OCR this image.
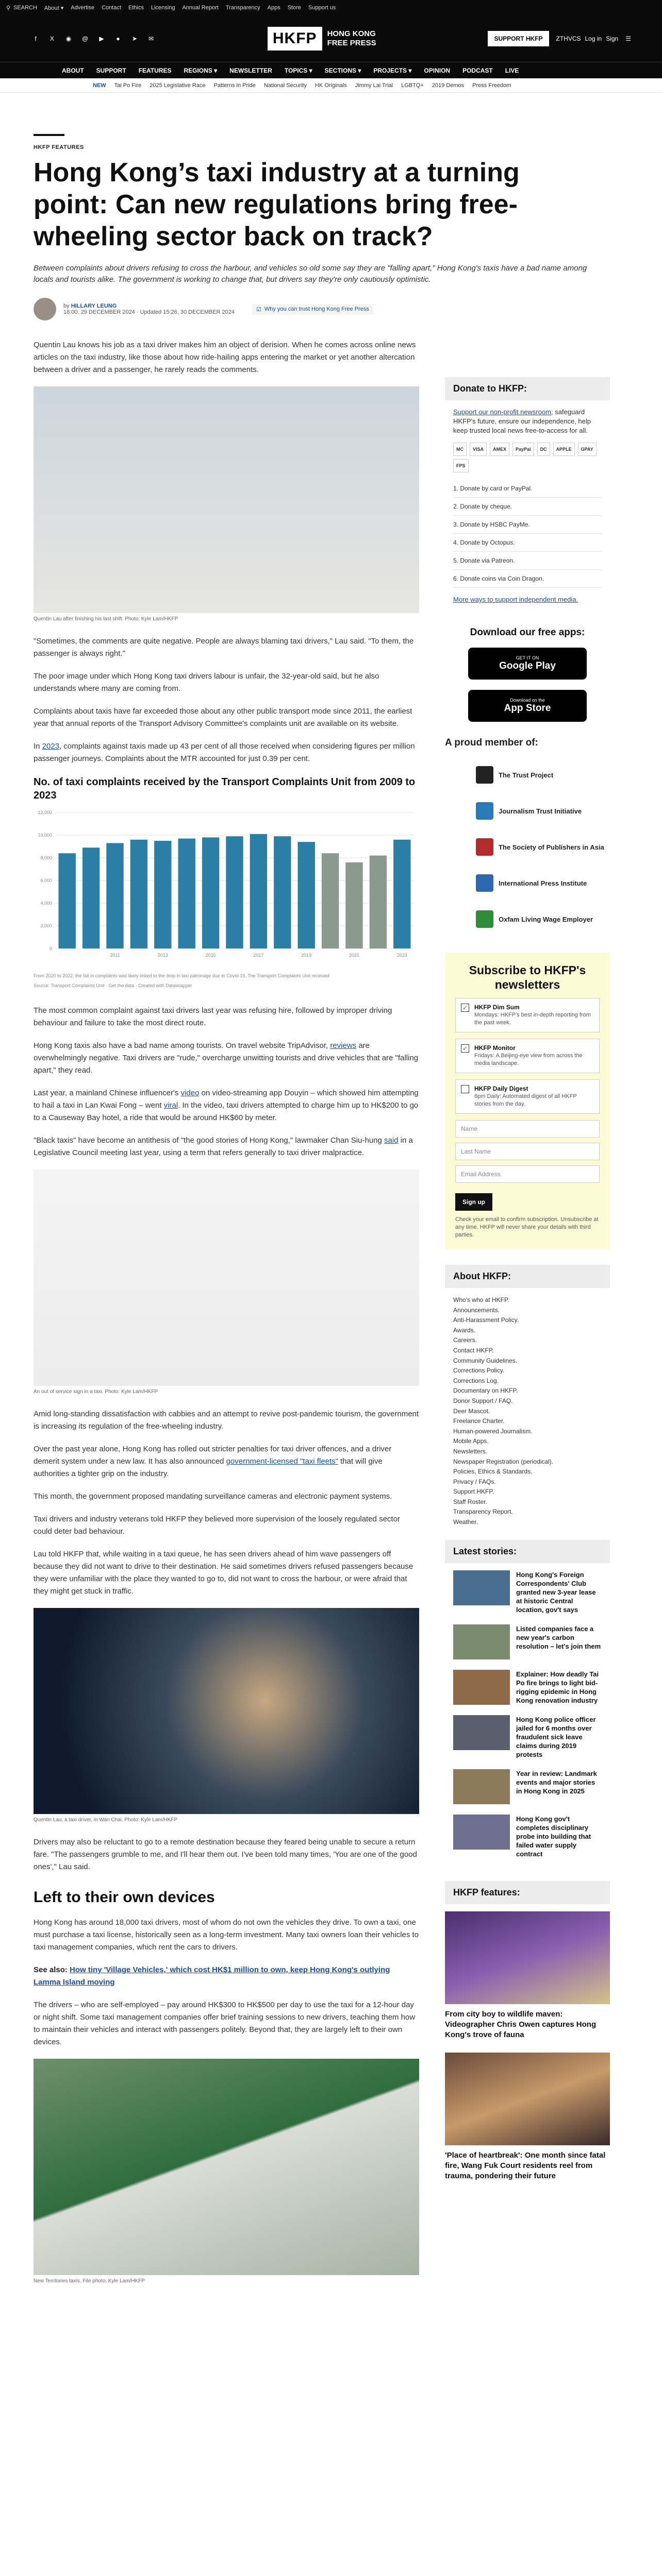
⚲ SEARCH About ▾ Advertise Contact Ethics Licensing Annual Report Transparency Apps Store Support us
f	X	◉	@	▶	●	➤	✉	HKFP	HONG KONG
FREE PRESS	SUPPORT HKFP	ZTHVCS Log in Sign ☰
ABOUT SUPPORT FEATURES REGIONS ▾ NEWSLETTER TOPICS ▾ SECTIONS ▾ PROJECTS ▾ OPINION PODCAST LIVE
NEW Tai Po Fire 2025 Legislative Race Patterns in Pride National Security HK Originals Jimmy Lai Trial LGBTQ+ 2019 Demos Press Freedom
HKFP FEATURES
Hong Kong’s taxi industry at a turning point: Can new regulations bring free-wheeling sector back on track?
Between complaints about drivers refusing to cross the harbour, and vehicles so old some say they are "falling apart," Hong Kong's taxis have a bad name among locals and tourists alike. The government is working to change that, but drivers say they're only cautiously optimistic.
by HILLARY LEUNG
18:00, 29 DECEMBER 2024 · Updated 15:26, 30 DECEMBER 2024	☑ Why you can trust Hong Kong Free Press

Quentin Lau knows his job as a taxi driver makes him an object of derision. When he comes across online news articles on the taxi industry, like those about how ride-hailing apps entering the market or yet another altercation between a driver and a passenger, he rarely reads the comments.

Quentin Lau after finishing his last shift. Photo: Kyle Lam/HKFP

"Sometimes, the comments are quite negative. People are always blaming taxi drivers," Lau said. "To them, the passenger is always right."

The poor image under which Hong Kong taxi drivers labour is unfair, the 32-year-old said, but he also understands where many are coming from.

Complaints about taxis have far exceeded those about any other public transport mode since 2011, the earliest year that annual reports of the Transport Advisory Committee's complaints unit are available on its website.

In 2023, complaints against taxis made up 43 per cent of all those received when considering figures per million passenger journeys. Complaints about the MTR accounted for just 0.39 per cent.

No. of taxi complaints received by the Transport Complaints Unit from 2009 to 2023
0
2,000
4,000
6,000
8,000
10,000
12,000
2011	2013	2015	2017	2019	2021	2023
From 2020 to 2022, the fall in complaints was likely linked to the drop in taxi patronage due to Covid-19. The Transport Complaints Unit received
Source: Transport Complaints Unit · Get the data · Created with Datawrapper

The most common complaint against taxi drivers last year was refusing hire, followed by improper driving behaviour and failure to take the most direct route.

Hong Kong taxis also have a bad name among tourists. On travel website TripAdvisor, reviews are overwhelmingly negative. Taxi drivers are "rude," overcharge unwitting tourists and drive vehicles that are "falling apart," they read.

Last year, a mainland Chinese influencer's video on video-streaming app Douyin – which showed him attempting to hail a taxi in Lan Kwai Fong – went viral. In the video, taxi drivers attempted to charge him up to HK$200 to go to a Causeway Bay hotel, a ride that would be around HK$60 by meter.

"Black taxis" have become an antithesis of "the good stories of Hong Kong," lawmaker Chan Siu-hung said in a Legislative Council meeting last year, using a term that refers generally to taxi driver malpractice.

An out of service sign in a taxi. Photo: Kyle Lam/HKFP

Amid long-standing dissatisfaction with cabbies and an attempt to revive post-pandemic tourism, the government is increasing its regulation of the free-wheeling industry.

Over the past year alone, Hong Kong has rolled out stricter penalties for taxi driver offences, and a driver demerit system under a new law. It has also announced government-licensed "taxi fleets" that will give authorities a tighter grip on the industry.

This month, the government proposed mandating surveillance cameras and electronic payment systems.

Taxi drivers and industry veterans told HKFP they believed more supervision of the loosely regulated sector could deter bad behaviour.

Lau told HKFP that, while waiting in a taxi queue, he has seen drivers ahead of him wave passengers off because they did not want to drive to their destination. He said sometimes drivers refused passengers because they were unfamiliar with the place they wanted to go to, did not want to cross the harbour, or were afraid that they might get stuck in traffic.

Quentin Lau, a taxi driver, in Wan Chai. Photo: Kyle Lam/HKFP

Drivers may also be reluctant to go to a remote destination because they feared being unable to secure a return fare. "The passengers grumble to me, and I'll hear them out. I've been told many times, 'You are one of the good ones'," Lau said.

Left to their own devices

Hong Kong has around 18,000 taxi drivers, most of whom do not own the vehicles they drive. To own a taxi, one must purchase a taxi license, historically seen as a long-term investment. Many taxi owners loan their vehicles to taxi management companies, which rent the cars to drivers.

See also: How tiny 'Village Vehicles,' which cost HK$1 million to own, keep Hong Kong's outlying Lamma Island moving

The drivers – who are self-employed – pay around HK$300 to HK$500 per day to use the taxi for a 12-hour day or night shift. Some taxi management companies offer brief training sessions to new drivers, teaching them how to maintain their vehicles and interact with passengers politely. Beyond that, they are largely left to their own devices.

New Territories taxis. File photo: Kyle Lam/HKFP
Donate to HKFP:
Support our non-profit newsroom; safeguard HKFP's future, ensure our independence, help keep trusted local news free-to-access for all.
MC	VISA	AMEX	PayPal	DC	APPLE	GPAY
FPS
1. Donate by card or PayPal.
2. Donate by cheque.
3. Donate by HSBC PayMe.
4. Donate by Octopus.
5. Donate via Patreon.
6. Donate coins via Coin Dragon.
More ways to support independent media.
Download our free apps:
GET IT ON
Google Play
Download on the
App Store
A proud member of:
The Trust Project
Journalism Trust Initiative
The Society of Publishers in Asia
International Press Institute
Oxfam Living Wage Employer
Subscribe to HKFP's newsletters
✓ HKFP Dim Sum
Mondays: HKFP's best in-depth reporting from the past week.
✓ HKFP Monitor
Fridays: A Beijing-eye view from across the media landscape.
HKFP Daily Digest
6pm Daily: Automated digest of all HKFP stories from the day.
Name
Last Name
Email Address
Sign up
Check your email to confirm subscription. Unsubscribe at any time. HKFP will never share your details with third parties.
About HKFP:
Who's who at HKFP.
Announcements.
Anti-Harassment Policy.
Awards.
Careers.
Contact HKFP.
Community Guidelines.
Corrections Policy.
Corrections Log.
Documentary on HKFP.
Donor Support / FAQ.
Deer Mascot.
Freelance Charter.
Human-powered Journalism.
Mobile Apps.
Newsletters.
Newspaper Registration (periodical).
Policies, Ethics & Standards.
Privacy / FAQs.
Support HKFP.
Staff Roster.
Transparency Report.
Weather.
Latest stories:
Hong Kong's Foreign Correspondents' Club granted new 3-year lease at historic Central location, gov't says
Listed companies face a new year's carbon resolution – let's join them
Explainer: How deadly Tai Po fire brings to light bid-rigging epidemic in Hong Kong renovation industry
Hong Kong police officer jailed for 6 months over fraudulent sick leave claims during 2019 protests
Year in review: Landmark events and major stories in Hong Kong in 2025
Hong Kong gov't completes disciplinary probe into building that failed water supply contract
HKFP features:
From city boy to wildlife maven: Videographer Chris Owen captures Hong Kong's trove of fauna
'Place of heartbreak': One month since fatal fire, Wang Fuk Court residents reel from trauma, pondering their future
